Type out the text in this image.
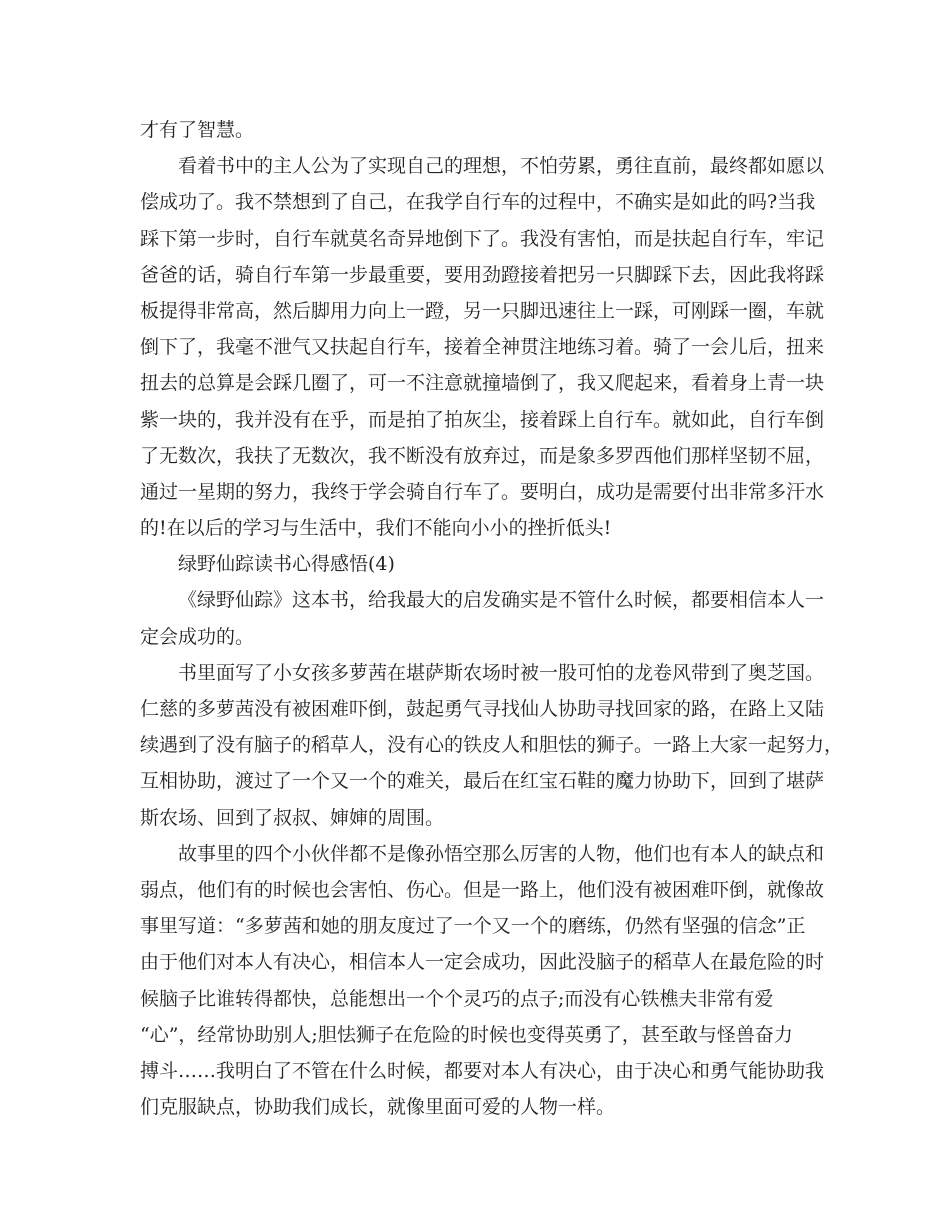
才有了智慧。
看着书中的主人公为了实现自己的理想，不怕劳累，勇往直前，最终都如愿以
偿成功了。我不禁想到了自己，在我学自行车的过程中，不确实是如此的吗?当我
踩下第一步时，自行车就莫名奇异地倒下了。我没有害怕，而是扶起自行车，牢记
爸爸的话，骑自行车第一步最重要，要用劲蹬接着把另一只脚踩下去，因此我将踩
板提得非常高，然后脚用力向上一蹬，另一只脚迅速往上一踩，可刚踩一圈，车就
倒下了，我毫不泄气又扶起自行车，接着全神贯注地练习着。骑了一会儿后，扭来
扭去的总算是会踩几圈了，可一不注意就撞墙倒了，我又爬起来，看着身上青一块
紫一块的，我并没有在乎，而是拍了拍灰尘，接着踩上自行车。就如此，自行车倒
了无数次，我扶了无数次，我不断没有放弃过，而是象多罗西他们那样坚韧不屈，
通过一星期的努力，我终于学会骑自行车了。要明白，成功是需要付出非常多汗水
的!在以后的学习与生活中，我们不能向小小的挫折低头!
绿野仙踪读书心得感悟(4)
《绿野仙踪》这本书，给我最大的启发确实是不管什么时候，都要相信本人一
定会成功的。
书里面写了小女孩多萝茜在堪萨斯农场时被一股可怕的龙卷风带到了奥芝国。
仁慈的多萝茜没有被困难吓倒，鼓起勇气寻找仙人协助寻找回家的路，在路上又陆
续遇到了没有脑子的稻草人，没有心的铁皮人和胆怯的狮子。一路上大家一起努力，
互相协助，渡过了一个又一个的难关，最后在红宝石鞋的魔力协助下，回到了堪萨
斯农场、回到了叔叔、婶婶的周围。
故事里的四个小伙伴都不是像孙悟空那么厉害的人物，他们也有本人的缺点和
弱点，他们有的时候也会害怕、伤心。但是一路上，他们没有被困难吓倒，就像故
事里写道：“多萝茜和她的朋友度过了一个又一个的磨练，仍然有坚强的信念”正
由于他们对本人有决心，相信本人一定会成功，因此没脑子的稻草人在最危险的时
候脑子比谁转得都快，总能想出一个个灵巧的点子;而没有心铁樵夫非常有爱
“心”，经常协助别人;胆怯狮子在危险的时候也变得英勇了，甚至敢与怪兽奋力
搏斗……我明白了不管在什么时候，都要对本人有决心，由于决心和勇气能协助我
们克服缺点，协助我们成长，就像里面可爱的人物一样。
